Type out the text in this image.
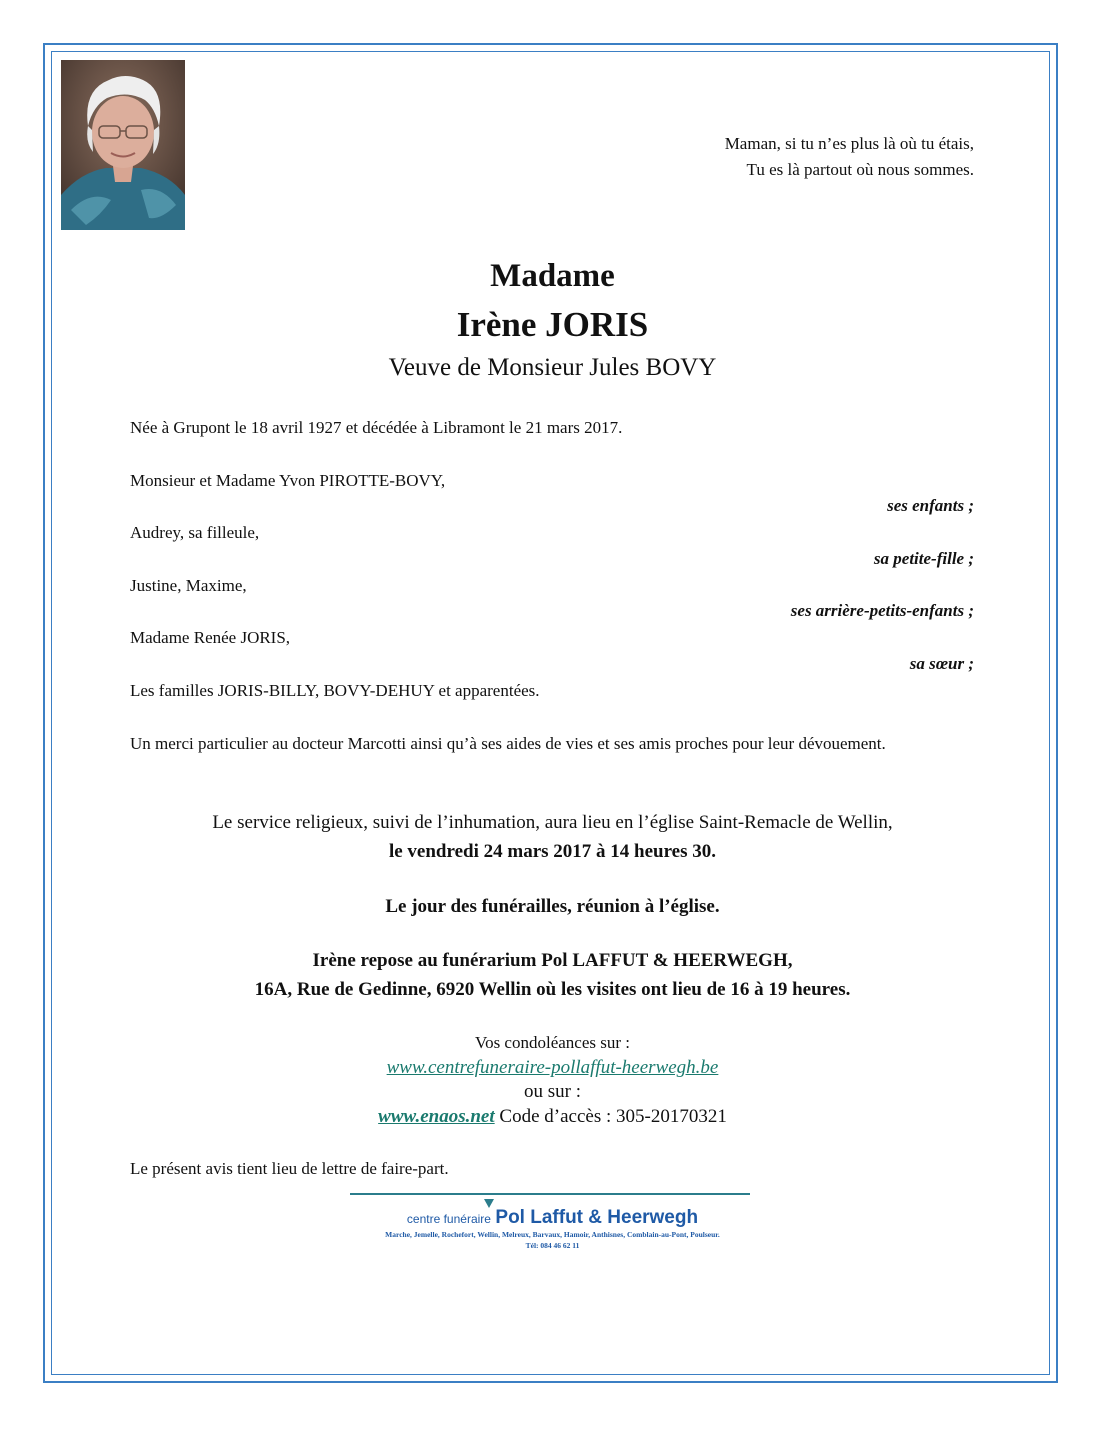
Maman, si tu n’es plus là où tu étais,
Tu es là partout où nous sommes.
Madame
Irène JORIS
Veuve de Monsieur Jules BOVY
Née à Grupont le 18 avril 1927 et décédée à Libramont le 21 mars 2017.
Monsieur et Madame Yvon PIROTTE-BOVY,
ses enfants ;
Audrey, sa filleule,
sa petite-fille ;
Justine, Maxime,
ses arrière-petits-enfants ;
Madame Renée JORIS,
sa sœur ;
Les familles JORIS-BILLY, BOVY-DEHUY et apparentées.
Un merci particulier au docteur Marcotti ainsi qu’à ses aides de vies et ses amis proches pour leur dévouement.
Le service religieux, suivi de l’inhumation, aura lieu en l’église Saint-Remacle de Wellin,
le vendredi 24 mars 2017 à 14 heures 30.
Le jour des funérailles, réunion à l’église.
Irène repose au funérarium Pol LAFFUT & HEERWEGH,
16A, Rue de Gedinne, 6920 Wellin où les visites ont lieu de 16 à 19 heures.
Vos condoléances sur :
www.centrefuneraire-pollaffut-heerwegh.be
ou sur :
www.enaos.net Code d’accès : 305-20170321
Le présent avis tient lieu de lettre de faire-part.
centre funéraire Pol Laffut & Heerwegh
Marche, Jemelle, Rochefort, Wellin, Melreux, Barvaux, Hamoir, Anthisnes, Comblain-au-Pont, Poulseur.
Tél: 084 46 62 11
